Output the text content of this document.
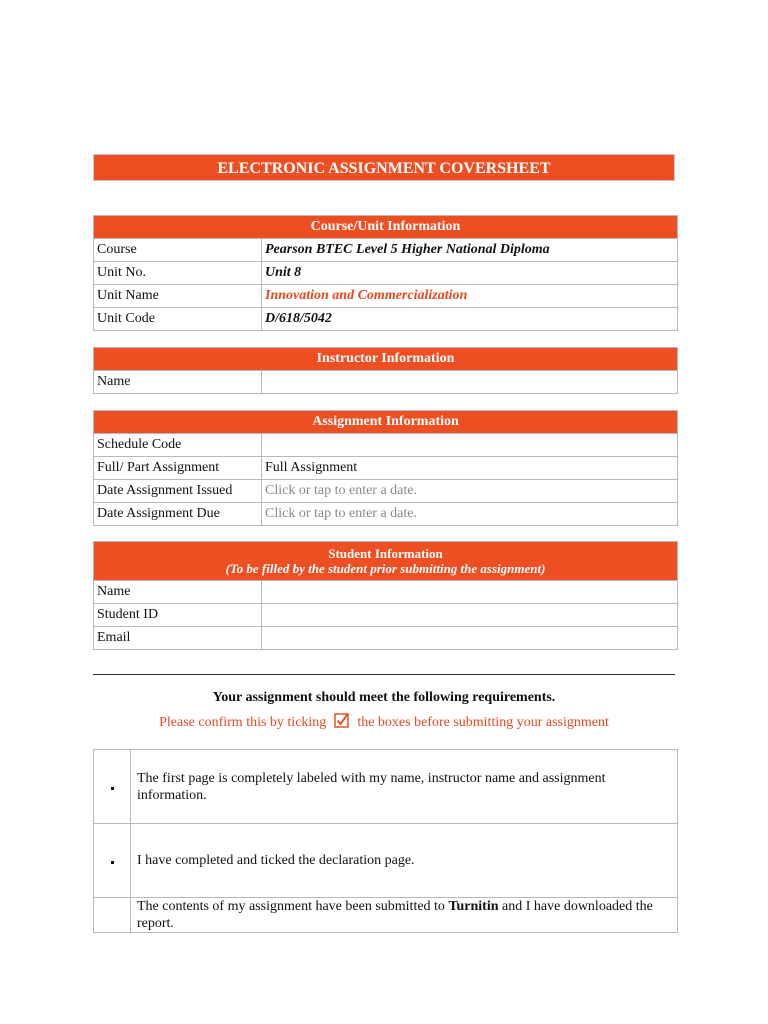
ELECTRONIC ASSIGNMENT COVERSHEET
Course/Unit Information	
Course	Pearson BTEC Level 5 Higher National Diploma
Unit No.	Unit 8
Unit Name	Innovation and Commercialization
Unit Code	D/618/5042
Instructor Information
Name	
Assignment Information	
Schedule Code	
Full/ Part Assignment	Full Assignment
Date Assignment Issued	Click or tap to enter a date.
Date Assignment Due	Click or tap to enter a date.
Student Information
(To be filled by the student prior submitting the assignment)	

Name	
Student ID	
Email	
Your assignment should meet the following requirements.
Please confirm this by ticking the boxes before submitting your assignment
	The first page is completely labeled with my name, instructor name and assignment information.
	I have completed and ticked the declaration page.
	The contents of my assignment have been submitted to Turnitin and I have downloaded the report.
